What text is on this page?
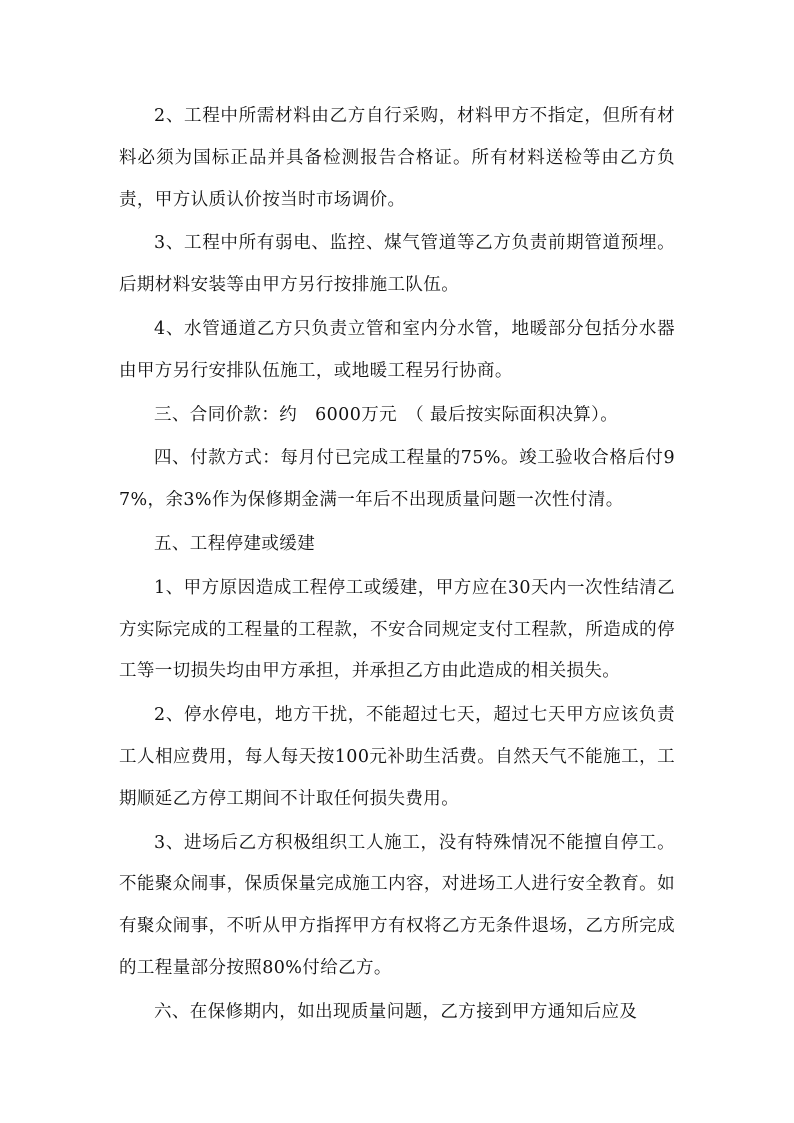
2、工程中所需材料由乙方自行采购，材料甲方不指定，但所有材料必须为国标正品并具备检测报告合格证。所有材料送检等由乙方负责，甲方认质认价按当时市场调价。

3、工程中所有弱电、监控、煤气管道等乙方负责前期管道预埋。后期材料安装等由甲方另行按排施工队伍。

4、水管通道乙方只负责立管和室内分水管，地暖部分包括分水器由甲方另行安排队伍施工，或地暖工程另行协商。

三、合同价款：约　6000万元　（ 最后按实际面积决算）。

四、付款方式：每月付已完成工程量的75%。竣工验收合格后付97%，余3%作为保修期金满一年后不出现质量问题一次性付清。

五、工程停建或缓建

1、甲方原因造成工程停工或缓建，甲方应在30天内一次性结清乙方实际完成的工程量的工程款，不安合同规定支付工程款，所造成的停工等一切损失均由甲方承担，并承担乙方由此造成的相关损失。

2、停水停电，地方干扰，不能超过七天，超过七天甲方应该负责工人相应费用，每人每天按100元补助生活费。自然天气不能施工，工期顺延乙方停工期间不计取任何损失费用。

3、进场后乙方积极组织工人施工，没有特殊情况不能擅自停工。不能聚众闹事，保质保量完成施工内容，对进场工人进行安全教育。如有聚众闹事，不听从甲方指挥甲方有权将乙方无条件退场，乙方所完成的工程量部分按照80%付给乙方。

六、在保修期内，如出现质量问题，乙方接到甲方通知后应及
